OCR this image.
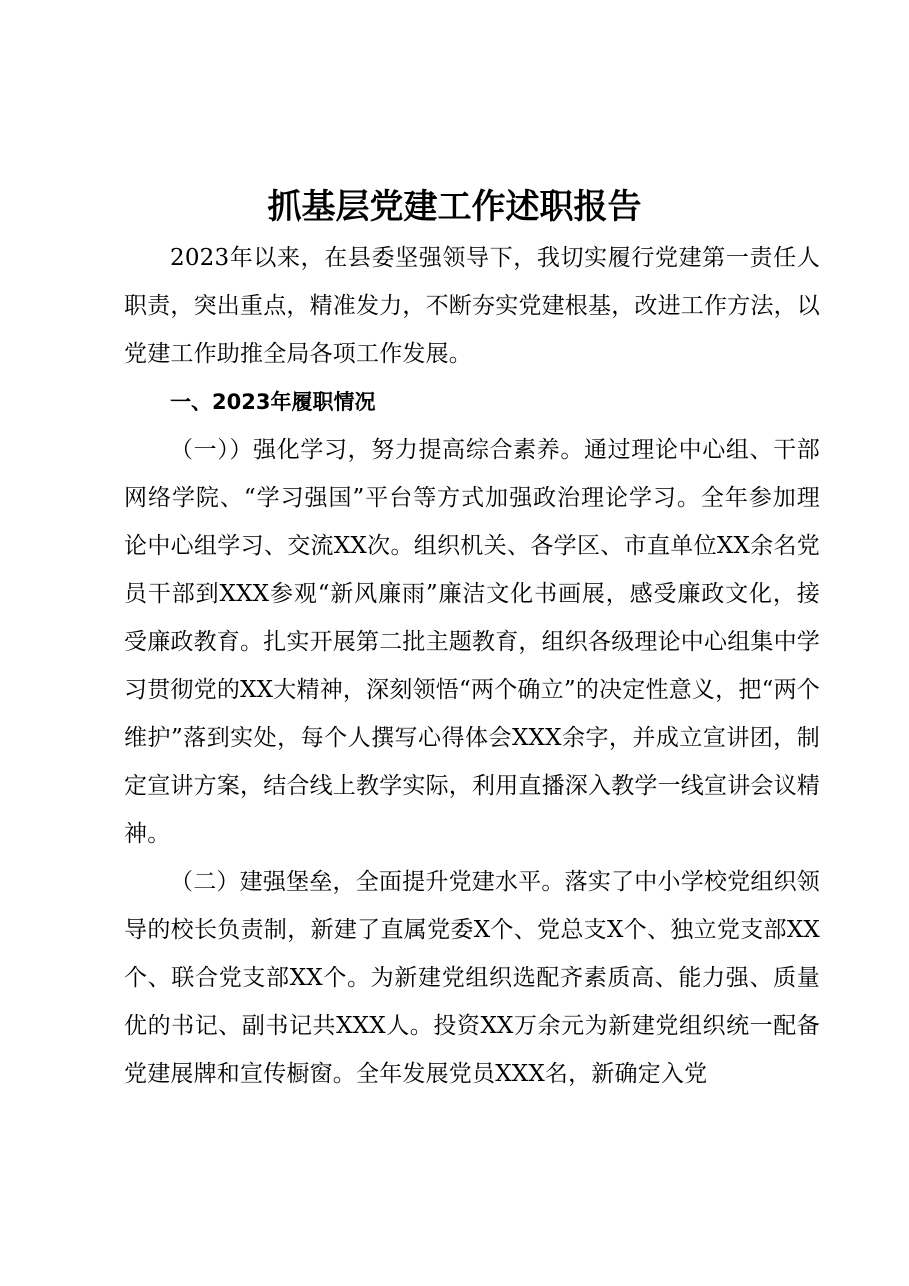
抓基层党建工作述职报告

2023年以来，在县委坚强领导下，我切实履行党建第一责任人职责，突出重点，精准发力，不断夯实党建根基，改进工作方法，以党建工作助推全局各项工作发展。

一、2023年履职情况

（一））强化学习，努力提高综合素养。通过理论中心组、干部网络学院、“学习强国”平台等方式加强政治理论学习。全年参加理论中心组学习、交流XX次。组织机关、各学区、市直单位XX余名党员干部到XXX参观“新风廉雨”廉洁文化书画展，感受廉政文化，接受廉政教育。扎实开展第二批主题教育，组织各级理论中心组集中学习贯彻党的XX大精神，深刻领悟“两个确立”的决定性意义，把“两个维护”落到实处，每个人撰写心得体会XXX余字，并成立宣讲团，制定宣讲方案，结合线上教学实际，利用直播深入教学一线宣讲会议精神。

（二）建强堡垒，全面提升党建水平。落实了中小学校党组织领导的校长负责制，新建了直属党委X个、党总支X个、独立党支部XX个、联合党支部XX个。为新建党组织选配齐素质高、能力强、质量优的书记、副书记共XXX人。投资XX万余元为新建党组织统一配备党建展牌和宣传橱窗。全年发展党员XXX名，新确定入党
